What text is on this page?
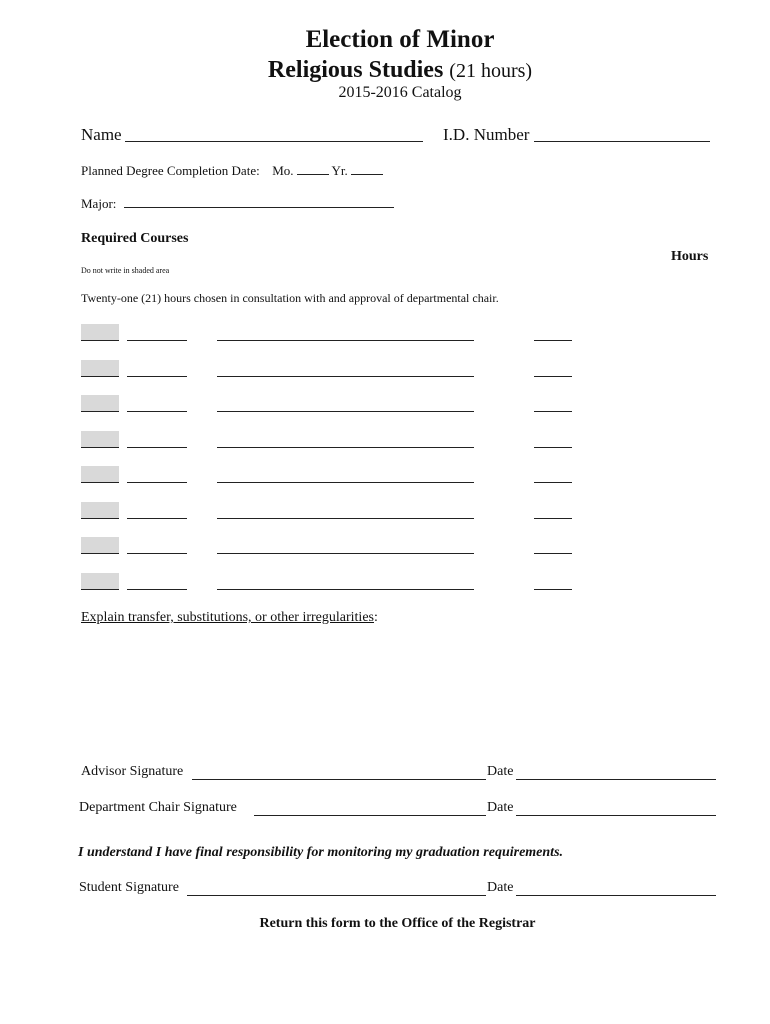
Election of Minor
Religious Studies (21 hours)
2015-2016 Catalog
Name	I.D. Number
Planned Degree Completion Date: Mo.	Yr.
Major:
Required Courses
Hours
Do not write in shaded area
Twenty-one (21) hours chosen in consultation with and approval of departmental chair.
Explain transfer, substitutions, or other irregularities:
Advisor Signature	Date
Department Chair Signature	Date
I understand I have final responsibility for monitoring my graduation requirements.
Student Signature	Date
Return this form to the Office of the Registrar
